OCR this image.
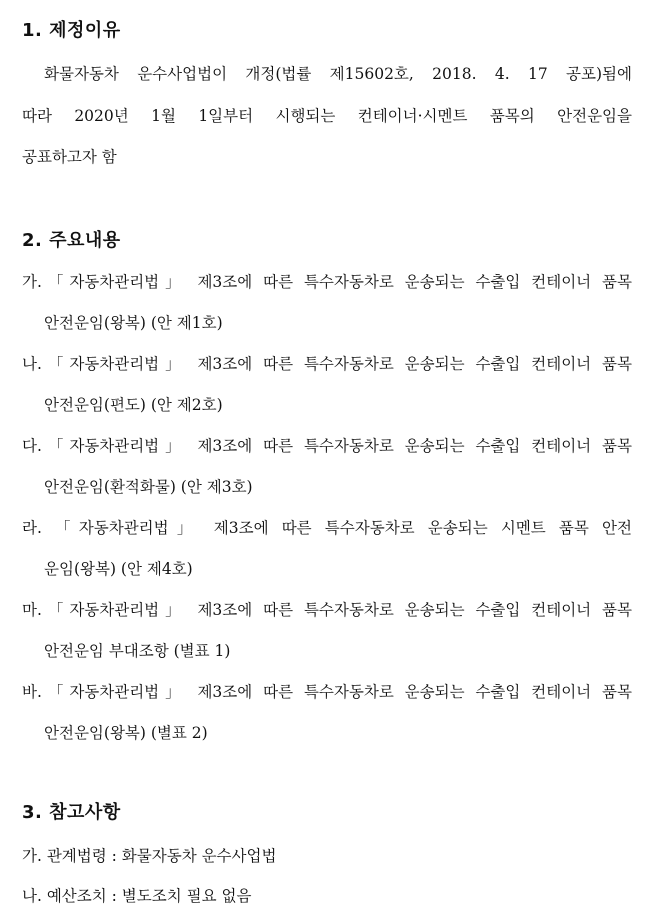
1. 제정이유
화물자동차 운수사업법이 개정(법률 제15602호, 2018. 4. 17 공포)됨에
따라 2020년 1월 1일부터 시행되는 컨테이너·시멘트 품목의 안전운임을
공표하고자 함
2. 주요내용
가.「자동차관리법」 제3조에 따른 특수자동차로 운송되는 수출입 컨테이너 품목
안전운임(왕복) (안 제1호)
나.「자동차관리법」 제3조에 따른 특수자동차로 운송되는 수출입 컨테이너 품목
안전운임(편도) (안 제2호)
다.「자동차관리법」 제3조에 따른 특수자동차로 운송되는 수출입 컨테이너 품목
안전운임(환적화물) (안 제3호)
라. 「자동차관리법」 제3조에 따른 특수자동차로 운송되는 시멘트 품목 안전
운임(왕복) (안 제4호)
마.「자동차관리법」 제3조에 따른 특수자동차로 운송되는 수출입 컨테이너 품목
안전운임 부대조항 (별표 1)
바.「자동차관리법」 제3조에 따른 특수자동차로 운송되는 수출입 컨테이너 품목
안전운임(왕복) (별표 2)
3. 참고사항
가. 관계법령 : 화물자동차 운수사업법
나. 예산조치 : 별도조치 필요 없음
